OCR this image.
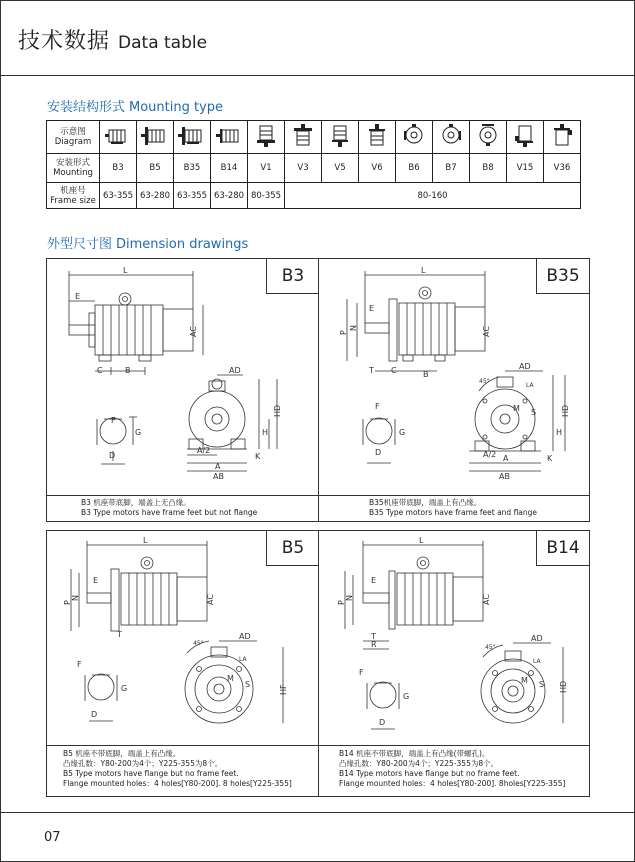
技术数据 Data table
安装结构形式 Mounting type
示意图
Diagram

安装形式
Mounting	B3	B5	B35	B14	V1	V3	V5	V6	B6	B7	B8	V15	V36

机座号
Frame size	63-355	63-280	63-355	63-280	80-355	80-160							
外型尺寸图 Dimension drawings
B3
L
E
C	B
AC
F
G
D
AD
HD
H
A/2
K
A
AB
B3 机座带底脚，端盖上无凸缘。
B3 Type motors have frame feet but not flange
B35
L
E
P
N
T C	B
AC
F
G
D
AD
45°
LA
M S	HD
H
A/2	K
A
AB
B35机座带底脚，端盖上有凸缘。
B35 Type motors have frame feet and flange
B5
L
E
P
N
T
AC
F
G
D
AD
45°
LA
M
S	HF
B5 机座不带底脚，端盖上有凸缘。
凸缘孔数：Y80-200为4个；Y225-355为8个。
B5 Type motors have flange but no frame feet.
Flange mounted holes：4 holes[Y80-200]. 8 holes[Y225-355]
B14
L
E
P
N
T
R
AC
F
G
D
AD
45°
LA
M S HD
B14 机座不带底脚，端盖上有凸缘(带螺孔)。
凸缘孔数：Y80-200为4个；Y225-355为8个。
B14 Type motors have flange but no frame feet.
Flange mounted holes：4 holes[Y80-200]. 8holes[Y225-355]
07
